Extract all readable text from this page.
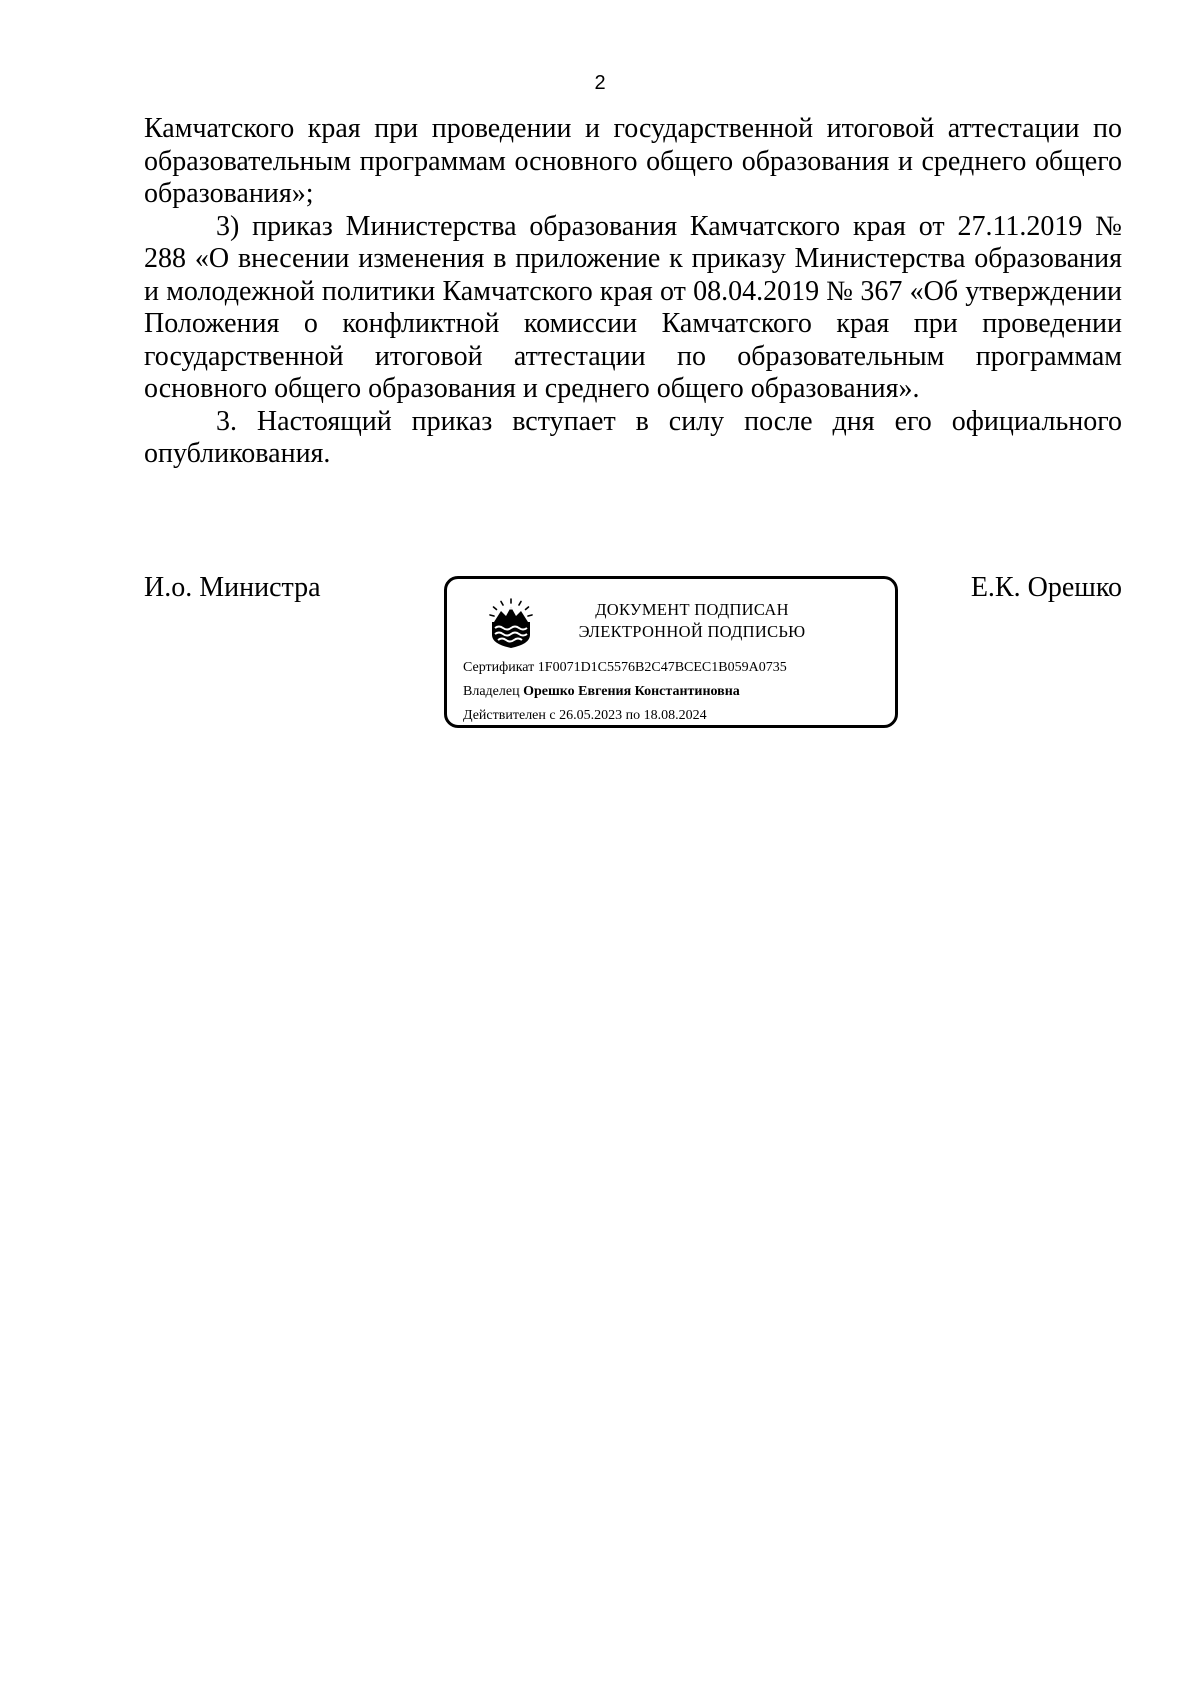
2

Камчатского края при проведении и государственной итоговой аттестации по образовательным программам основного общего образования и среднего общего образования»;

3) приказ Министерства образования Камчатского края от 27.11.2019 № 288 «О внесении изменения в приложение к приказу Министерства образования и молодежной политики Камчатского края от 08.04.2019 № 367 «Об утверждении Положения о конфликтной комиссии Камчатского края при проведении государственной итоговой аттестации по образовательным программам основного общего образования и среднего общего образования».

3. Настоящий приказ вступает в силу после дня его официального опубликования.

И.о. Министра	Е.К. Орешко
ДОКУМЕНТ ПОДПИСАН
ЭЛЕКТРОННОЙ ПОДПИСЬЮ
Сертификат 1F0071D1C5576B2C47BCEC1B059A0735
Владелец Орешко Евгения Константиновна
Действителен с 26.05.2023 по 18.08.2024
